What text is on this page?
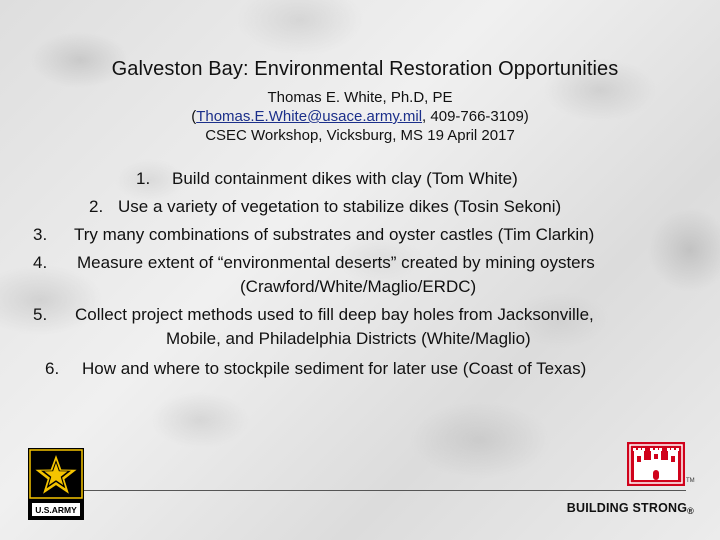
Galveston Bay: Environmental Restoration Opportunities
Thomas E. White, Ph.D, PE
(Thomas.E.White@usace.army.mil, 409-766-3109)
CSEC Workshop, Vicksburg, MS 19 April 2017
1. Build containment dikes with clay (Tom White)
2. Use a variety of vegetation to stabilize dikes (Tosin Sekoni)
3. Try many combinations of substrates and oyster castles (Tim Clarkin)
4. Measure extent of “environmental deserts” created by mining oysters
(Crawford/White/Maglio/ERDC)
5. Collect project methods used to fill deep bay holes from Jacksonville,
Mobile, and Philadelphia Districts (White/Maglio)
6. How and where to stockpile sediment for later use (Coast of Texas)
U.S.ARMY
TM
BUILDING STRONG®
